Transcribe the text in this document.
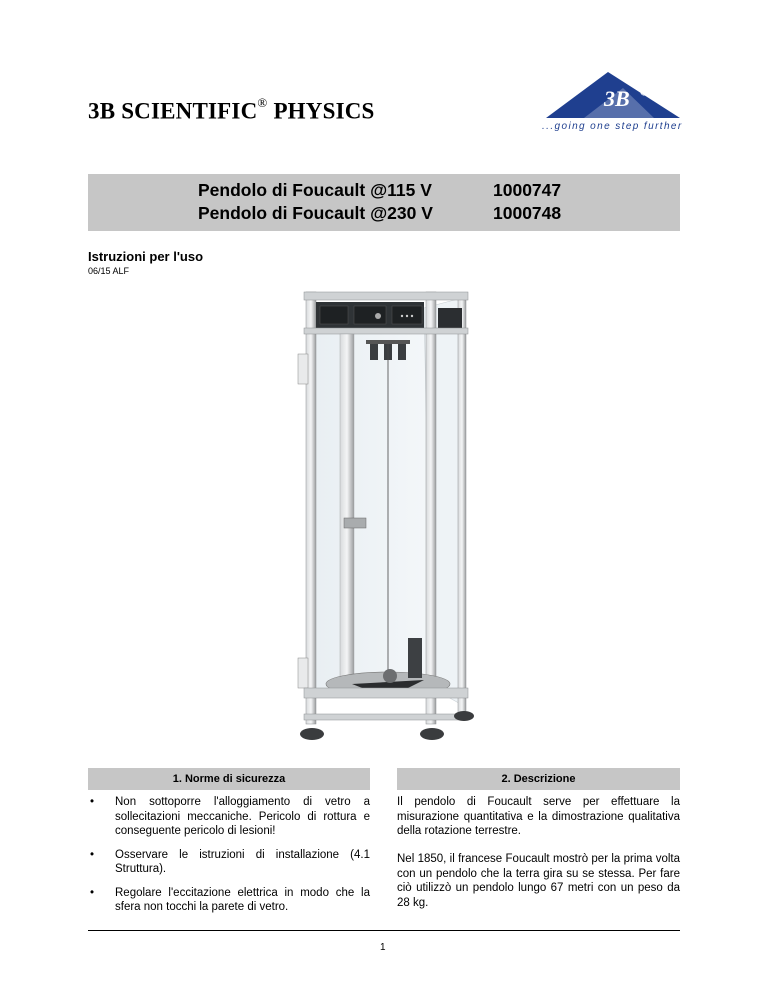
3B SCIENTIFIC® PHYSICS
3B
...going one step further
Pendolo di Foucault @115 V	1000747
Pendolo di Foucault @230 V	1000748
Istruzioni per l'uso
06/15 ALF
1. Norme di sicurezza	2. Descrizione
• Non sottoporre l'alloggiamento di vetro a sollecitazioni meccaniche. Pericolo di rottura e conseguente pericolo di lesioni!
• Osservare le istruzioni di installazione (4.1 Struttura).
• Regolare l'eccitazione elettrica in modo che la sfera non tocchi la parete di vetro.

Il pendolo di Foucault serve per effettuare la misurazione quantitativa e la dimostrazione qualitativa della rotazione terrestre.

Nel 1850, il francese Foucault mostrò per la prima volta con un pendolo che la terra gira su se stessa. Per fare ciò utilizzò un pendolo lungo 67 metri con un peso da 28 kg.

1
